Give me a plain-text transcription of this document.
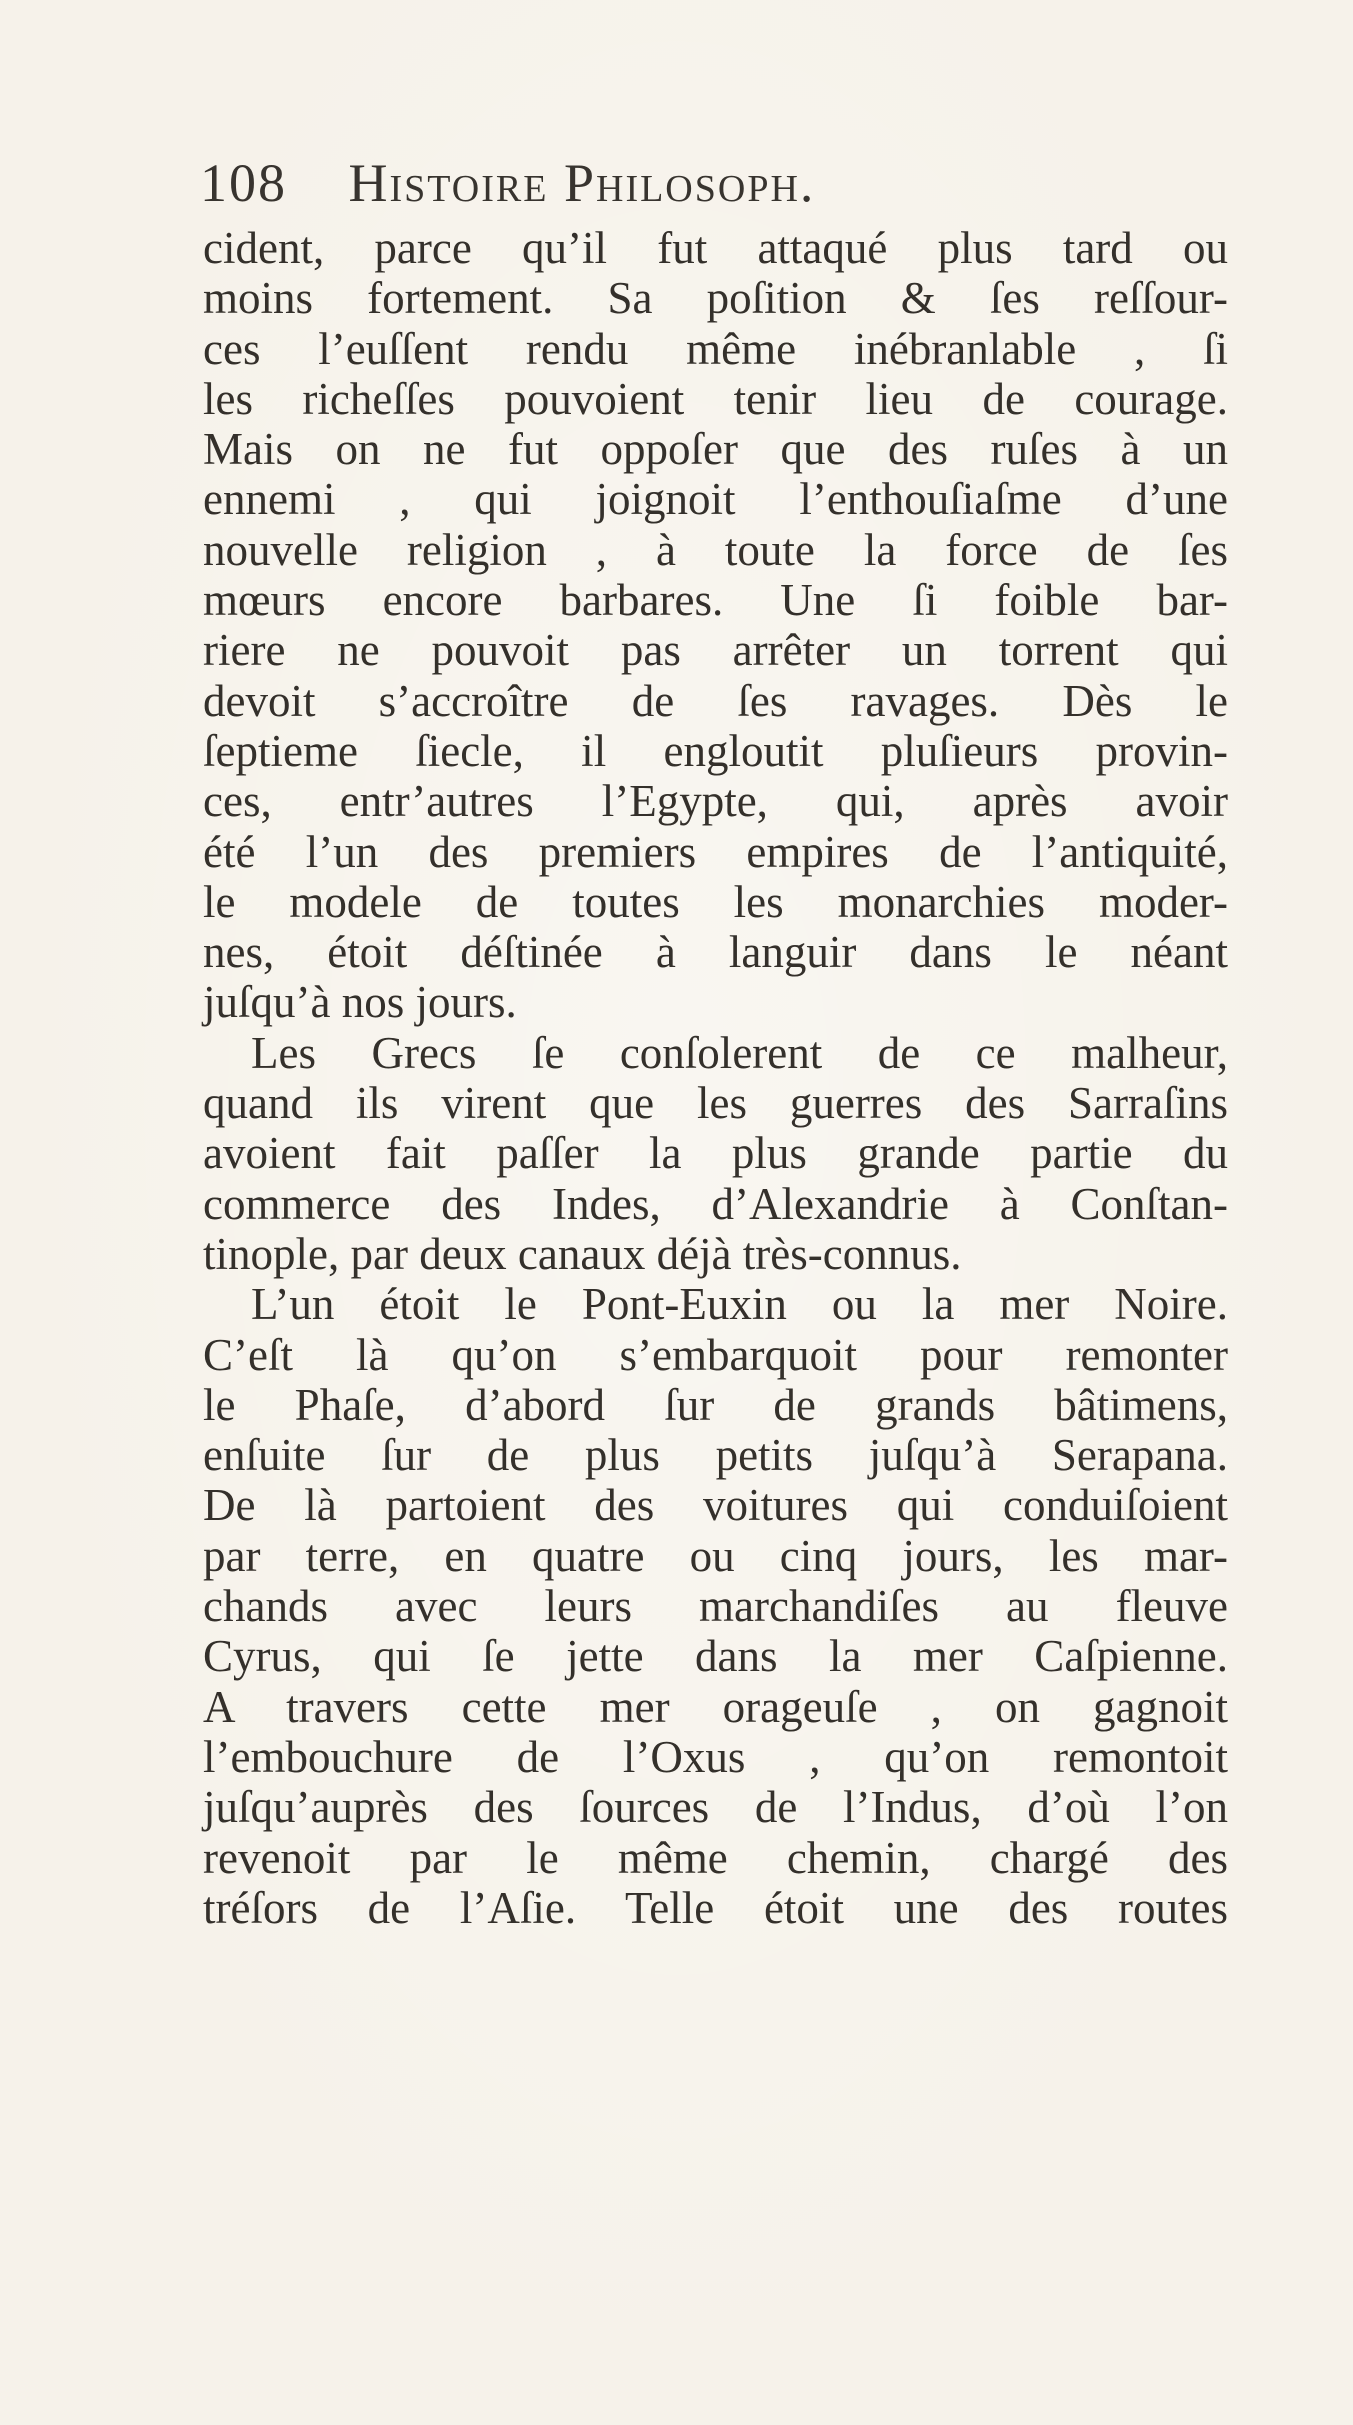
108 Histoire Philosoph.
cident, parce qu’il fut attaqué plus tard ou
moins fortement. Sa poſition & ſes reſſour-
ces l’euſſent rendu même inébranlable , ſi
les richeſſes pouvoient tenir lieu de courage.
Mais on ne fut oppoſer que des ruſes à un
ennemi , qui joignoit l’enthouſiaſme d’une
nouvelle religion , à toute la force de ſes
mœurs encore barbares. Une ſi foible bar-
riere ne pouvoit pas arrêter un torrent qui
devoit s’accroître de ſes ravages. Dès le
ſeptieme ſiecle, il engloutit pluſieurs provin-
ces, entr’autres l’Egypte, qui, après avoir
été l’un des premiers empires de l’antiquité,
le modele de toutes les monarchies moder-
nes, étoit déſtinée à languir dans le néant
juſqu’à nos jours.
Les Grecs ſe conſolerent de ce malheur,
quand ils virent que les guerres des Sarraſins
avoient fait paſſer la plus grande partie du
commerce des Indes, d’Alexandrie à Conſtan-
tinople, par deux canaux déjà très-connus.
L’un étoit le Pont-Euxin ou la mer Noire.
C’eſt là qu’on s’embarquoit pour remonter
le Phaſe, d’abord ſur de grands bâtimens,
enſuite ſur de plus petits juſqu’à Serapana.
De là partoient des voitures qui conduiſoient
par terre, en quatre ou cinq jours, les mar-
chands avec leurs marchandiſes au fleuve
Cyrus, qui ſe jette dans la mer Caſpienne.
A travers cette mer orageuſe , on gagnoit
l’embouchure de l’Oxus , qu’on remontoit
juſqu’auprès des ſources de l’Indus, d’où l’on
revenoit par le même chemin, chargé des
tréſors de l’Aſie. Telle étoit une des routes
